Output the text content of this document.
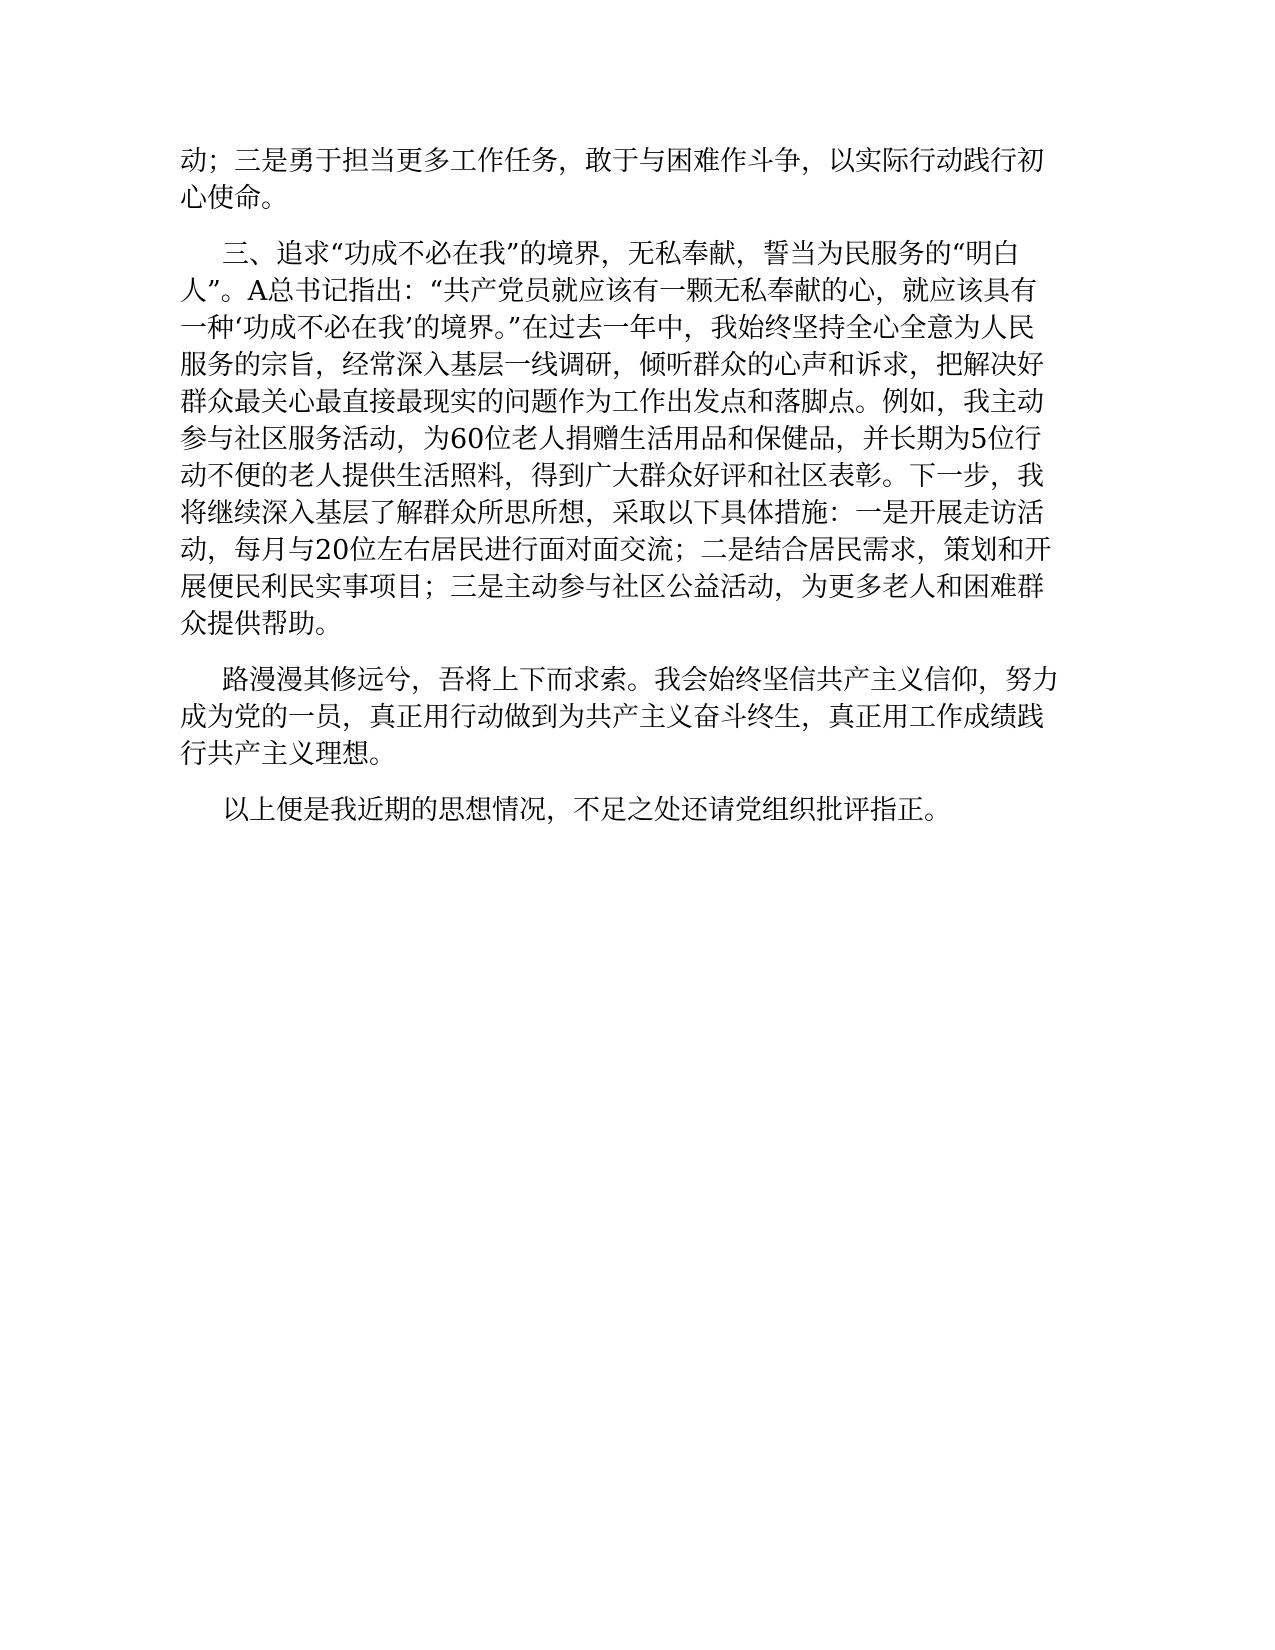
动；三是勇于担当更多工作任务，敢于与困难作斗争，以实际行动践行初心使命。

三、追求“功成不必在我”的境界，无私奉献，誓当为民服务的“明白人”。A总书记指出：“共产党员就应该有一颗无私奉献的心，就应该具有一种‘功成不必在我’的境界。”在过去一年中，我始终坚持全心全意为人民服务的宗旨，经常深入基层一线调研，倾听群众的心声和诉求，把解决好群众最关心最直接最现实的问题作为工作出发点和落脚点。例如，我主动参与社区服务活动，为60位老人捐赠生活用品和保健品，并长期为5位行动不便的老人提供生活照料，得到广大群众好评和社区表彰。下一步，我将继续深入基层了解群众所思所想，采取以下具体措施：一是开展走访活动，每月与20位左右居民进行面对面交流；二是结合居民需求，策划和开展便民利民实事项目；三是主动参与社区公益活动，为更多老人和困难群众提供帮助。

路漫漫其修远兮，吾将上下而求索。我会始终坚信共产主义信仰，努力成为党的一员，真正用行动做到为共产主义奋斗终生，真正用工作成绩践行共产主义理想。

以上便是我近期的思想情况，不足之处还请党组织批评指正。
